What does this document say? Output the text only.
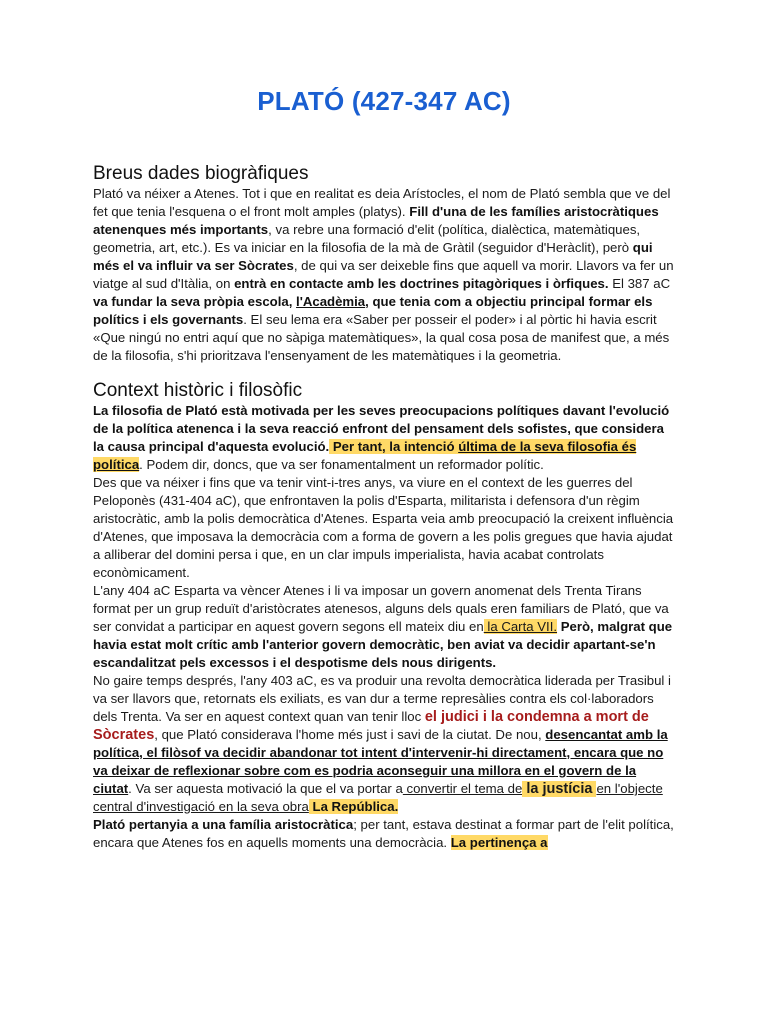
PLATÓ (427-347 AC)
Breus dades biogràfiques

Plató va néixer a Atenes. Tot i que en realitat es deia Arístocles, el nom de Plató sembla que ve del fet que tenia l'esquena o el front molt amples (platys). Fill d'una de les famílies aristocràtiques atenenques més importants, va rebre una formació d'elit (política, dialèctica, matemàtiques, geometria, art, etc.). Es va iniciar en la filosofia de la mà de Gràtil (seguidor d'Heràclit), però qui més el va influir va ser Sòcrates, de qui va ser deixeble fins que aquell va morir. Llavors va fer un viatge al sud d'Itàlia, on entrà en contacte amb les doctrines pitagòriques i òrfiques. El 387 aC va fundar la seva pròpia escola, l'Acadèmia, que tenia com a objectiu principal formar els polítics i els governants. El seu lema era «Saber per posseir el poder» i al pòrtic hi havia escrit «Que ningú no entri aquí que no sàpiga matemàtiques», la qual cosa posa de manifest que, a més de la filosofia, s'hi prioritzava l'ensenyament de les matemàtiques i la geometria.

Context històric i filosòfic

La filosofia de Plató està motivada per les seves preocupacions polítiques davant l'evolució de la política atenenca i la seva reacció enfront del pensament dels sofistes, que considera la causa principal d'aquesta evolució. Per tant, la intenció última de la seva filosofia és política. Podem dir, doncs, que va ser fonamentalment un reformador polític.

Des que va néixer i fins que va tenir vint-i-tres anys, va viure en el context de les guerres del Peloponès (431-404 aC), que enfrontaven la polis d'Esparta, militarista i defensora d'un règim aristocràtic, amb la polis democràtica d'Atenes. Esparta veia amb preocupació la creixent influència d'Atenes, que imposava la democràcia com a forma de govern a les polis gregues que havia ajudat a alliberar del domini persa i que, en un clar impuls imperialista, havia acabat controlats econòmicament.

L'any 404 aC Esparta va vèncer Atenes i li va imposar un govern anomenat dels Trenta Tirans format per un grup reduït d'aristòcrates atenesos, alguns dels quals eren familiars de Plató, que va ser convidat a participar en aquest govern segons ell mateix diu en la Carta VII. Però, malgrat que havia estat molt crític amb l'anterior govern democràtic, ben aviat va decidir apartant-se'n escandalitzat pels excessos i el despotisme dels nous dirigents.

No gaire temps després, l'any 403 aC, es va produir una revolta democràtica liderada per Trasibul i va ser llavors que, retornats els exiliats, es van dur a terme represàlies contra els col·laboradors dels Trenta. Va ser en aquest context quan van tenir lloc el judici i la condemna a mort de Sòcrates, que Plató considerava l'home més just i savi de la ciutat. De nou, desencantat amb la política, el filòsof va decidir abandonar tot intent d'intervenir-hi directament, encara que no va deixar de reflexionar sobre com es podria aconseguir una millora en el govern de la ciutat. Va ser aquesta motivació la que el va portar a convertir el tema de la justícia en l'objecte central d'investigació en la seva obra La República.

Plató pertanyia a una família aristocràtica; per tant, estava destinat a formar part de l'elit política, encara que Atenes fos en aquells moments una democràcia. La pertinença a
